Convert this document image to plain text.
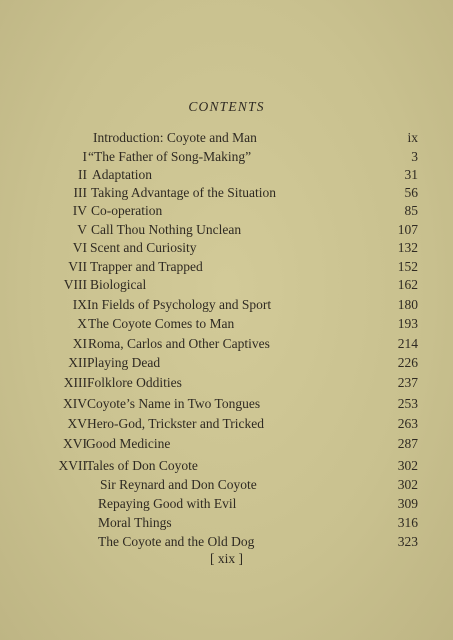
CONTENTS
Introduction: Coyote and Man	ix
I “The Father of Song-Making”	3
II Adaptation	31
III Taking Advantage of the Situation	56
IV Co-operation	85
V Call Thou Nothing Unclean	107
VI Scent and Curiosity	132
VII Trapper and Trapped	152
VIII Biological	162
IX In Fields of Psychology and Sport	180
X The Coyote Comes to Man	193
XI Roma, Carlos and Other Captives	214
XII Playing Dead	226
XIII Folklore Oddities	237
XIV Coyote’s Name in Two Tongues	253
XV Hero-God, Trickster and Tricked	263
XVI Good Medicine	287
XVII Tales of Don Coyote	302
Sir Reynard and Don Coyote	302
Repaying Good with Evil	309
Moral Things	316
The Coyote and the Old Dog	323
[ xix ]
